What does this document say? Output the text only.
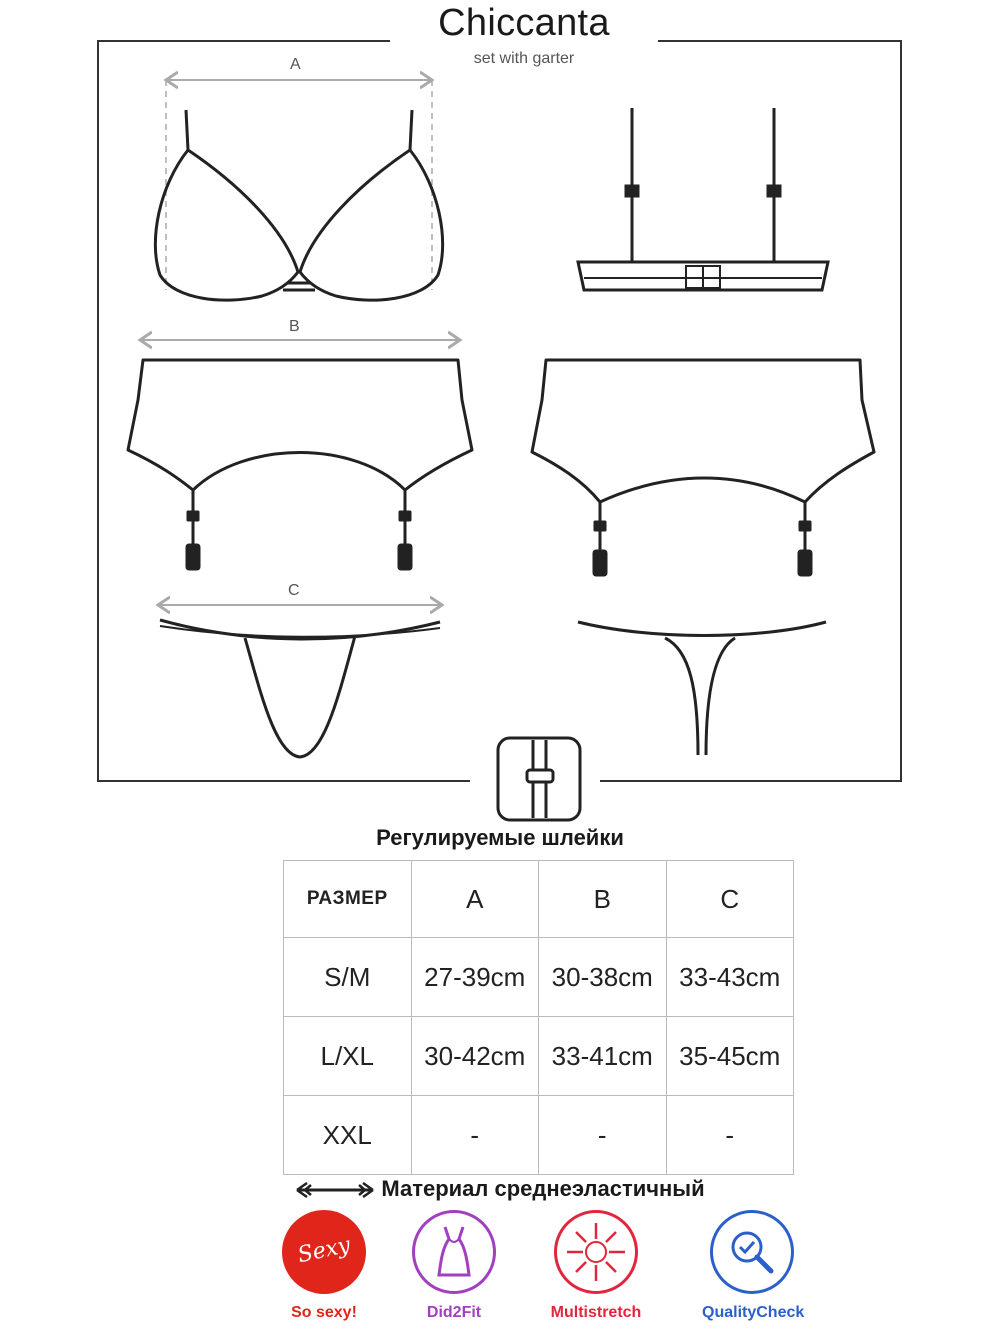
Chiccanta
set with garter
A
B
C
Регулируемые шлейки
РАЗМЕР	A	B	C
S/M	27-39cm	30-38cm	33-43cm
L/XL	30-42cm	33-41cm	35-45cm
XXL	-	-	-
Материал среднеэластичный
Sexy
So sexy!	Did2Fit	Multistretch	QualityCheck
